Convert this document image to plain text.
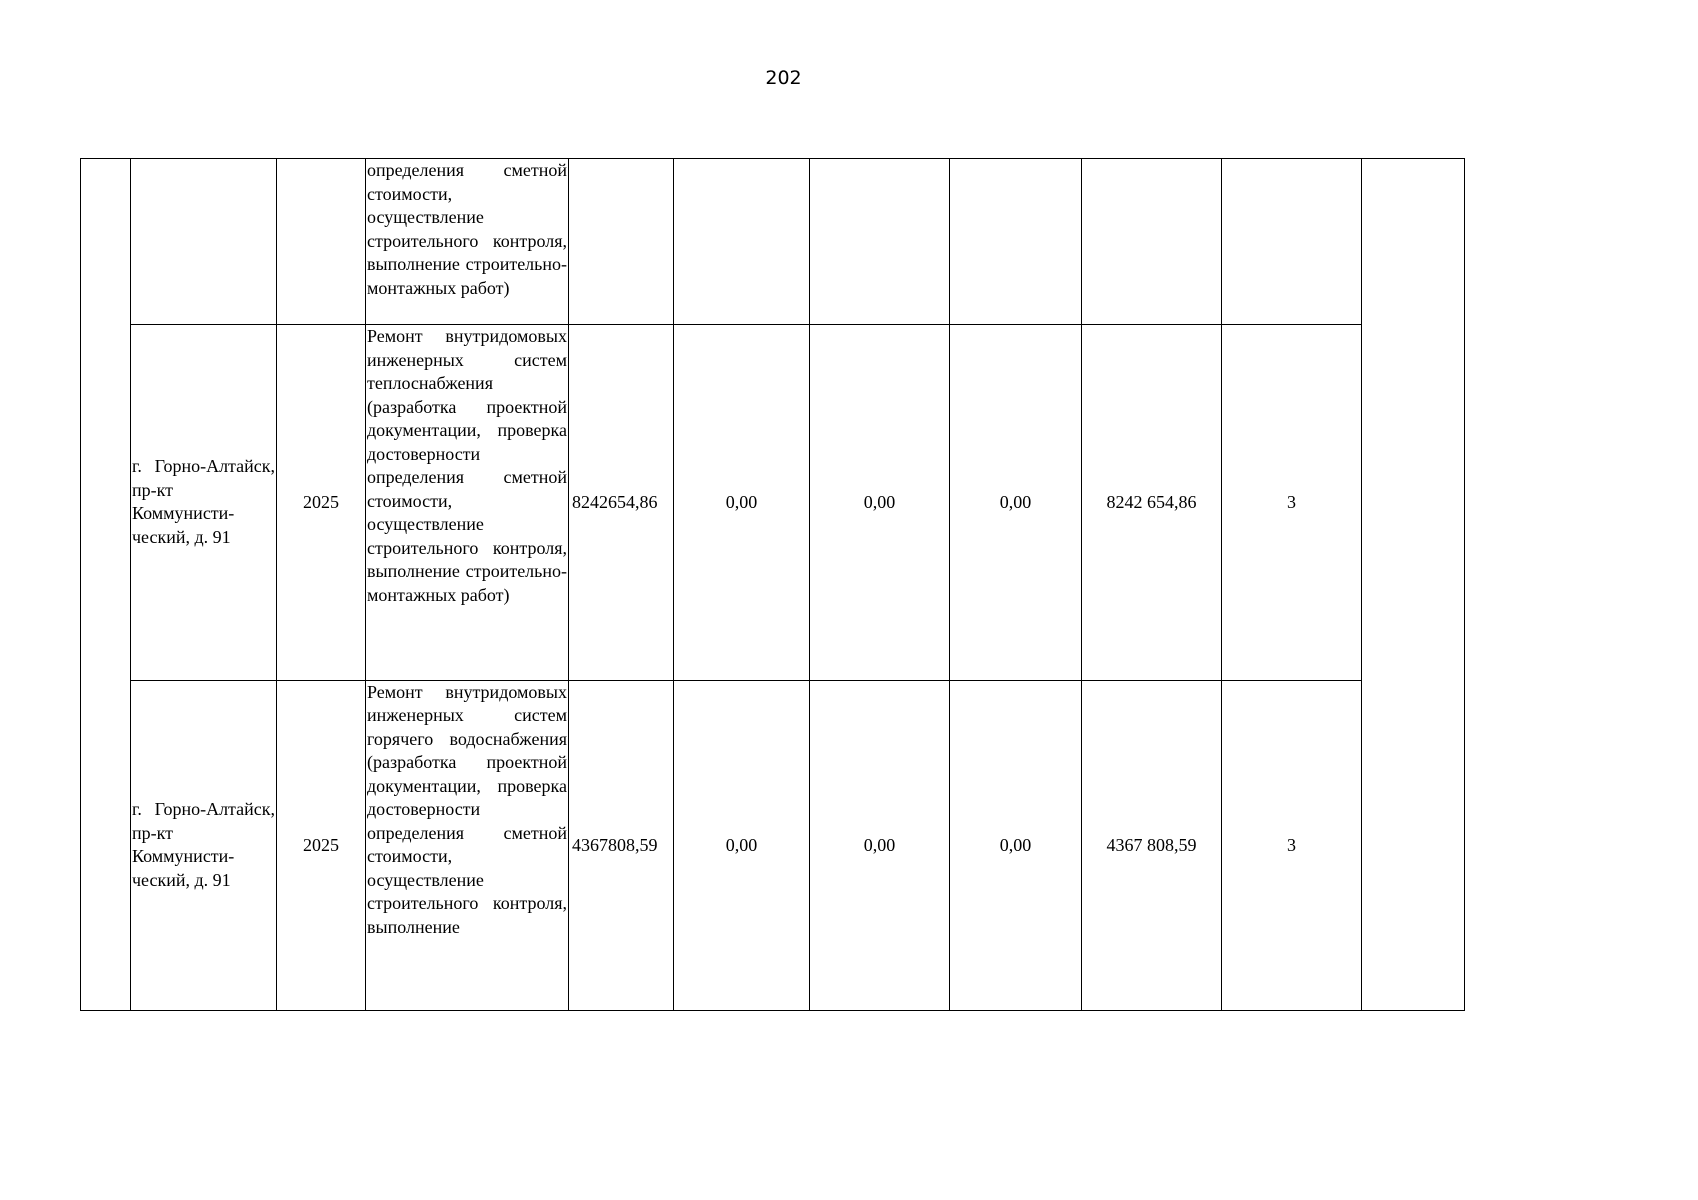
202
			определения сметной стоимости, осуществление строительного контроля, выполнение строительно-монтажных работ)							
	г. Горно-Алтайск, пр-кт Коммунисти-ческий, д. 91	2025	Ремонт внутридомовых инженерных систем теплоснабжения (разработка проектной документации, проверка достоверности определения сметной стоимости, осуществление строительного контроля, выполнение строительно-монтажных работ)	8242654,86	0,00	0,00	0,00	8242 654,86	3	
	г. Горно-Алтайск, пр-кт Коммунисти-ческий, д. 91	2025	Ремонт внутридомовых инженерных систем горячего водоснабжения (разработка проектной документации, проверка достоверности определения сметной стоимости, осуществление строительного контроля, выполнение	4367808,59	0,00	0,00	0,00	4367 808,59	3	
